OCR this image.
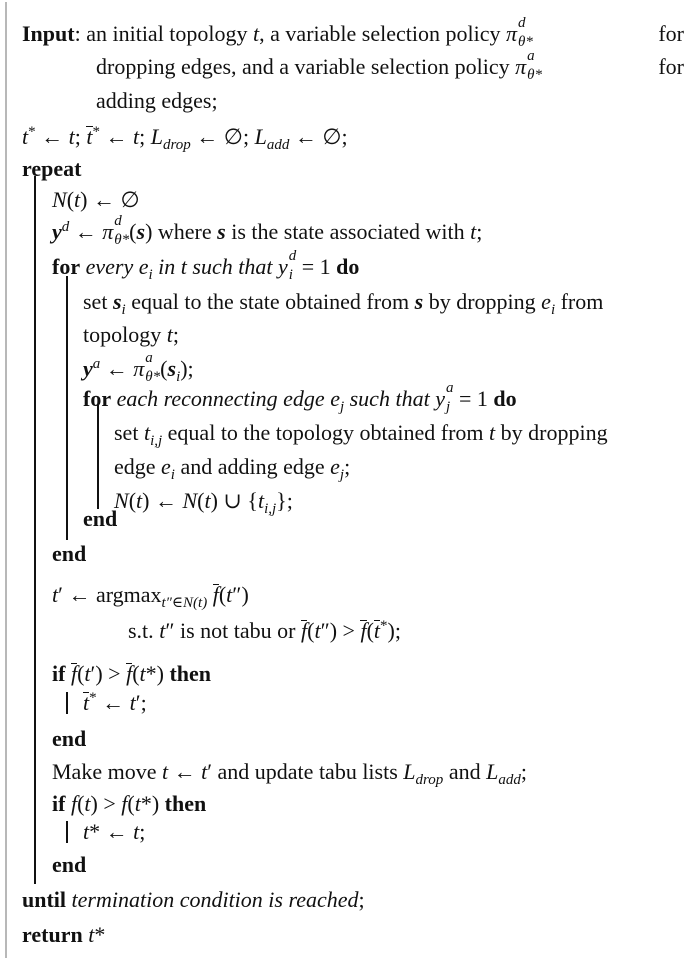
Input: an initial topology t, a variable selection policy π d
θ*	for
dropping edges, and a variable selection policy π a
θ*	for
adding edges;
t* ← t; t* ← t; $L_{drop}$ ← ∅; $L_{add}$ ← ∅;
repeat
N(t) ← ∅
$y^d$ ← π d
θ* (s) where s is the state associated with t;
for every $e_i$ in t such that y d
i = 1 do
set $s_i$ equal to the state obtained from s by dropping $e_i$ from
topology t;
$y^a$ ← π a
θ* $(s_i)$;
for each reconnecting edge $e_j$ such that y a
j = 1 do
set $t_{i,j}$ equal to the topology obtained from t by dropping
edge $e_i$ and adding edge $e_j$;
N(t) ← N(t) ∪ $\{t_{i,j}\}$;
end
end
t′ ← argmax$_{t''\in N(t)}$ f(t″)
s.t. t″ is not tabu or f(t″) > f(t*);
if f(t′) > f(t*) then
t* ← t′;
end
Make move t ← t′ and update tabu lists $L_{drop}$ and $L_{add}$;
if f(t) > f(t*) then
t* ← t;
end
until termination condition is reached;
return t*
